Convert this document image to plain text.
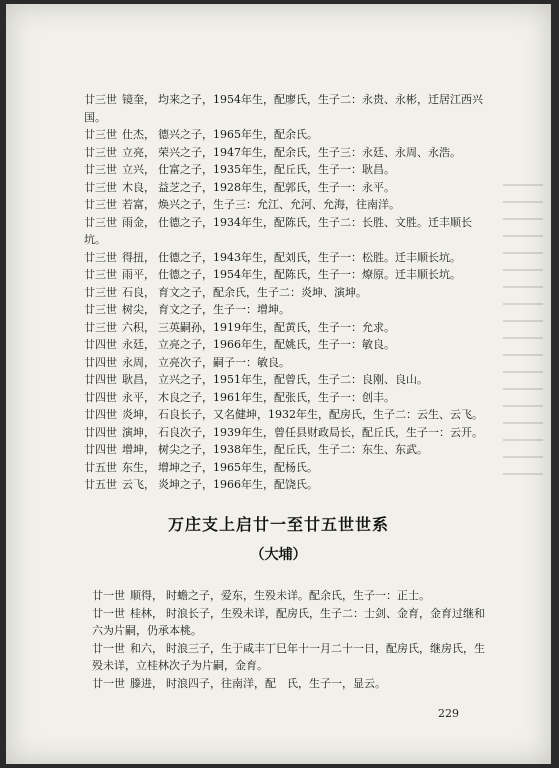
廿三世 镜奎， 均来之子，1954年生，配廖氏，生子二：永贵、永彬，迁居江西兴
国。
廿三世 仕杰， 德兴之子，1965年生，配余氏。
廿三世 立亮， 荣兴之子，1947年生，配余氏，生子三：永廷、永周、永浩。
廿三世 立兴， 仕富之子，1935年生，配丘氏，生子一：耿昌。
廿三世 木良， 益芝之子，1928年生，配郭氏，生子一：永平。
廿三世 若富， 焕兴之子，生子三：允江、允河、允海，往南洋。
廿三世 雨金， 仕德之子，1934年生，配陈氏，生子二：长胜、文胜。迁丰顺长
坑。
廿三世 得扭， 仕德之子，1943年生，配刘氏，生子一：松胜。迁丰顺长坑。
廿三世 雨平， 仕德之子，1954年生，配陈氏，生子一：燎原。迁丰顺长坑。
廿三世 石良， 育文之子，配余氏，生子二：炎坤、演坤。
廿三世 树尖， 育文之子，生子一：增坤。
廿三世 六积， 三英嗣孙，1919年生，配黄氏，生子一：允求。
廿四世 永廷， 立亮之子，1966年生，配姚氏，生子一：敏良。
廿四世 永周， 立亮次子，嗣子一：敏良。
廿四世 耿昌， 立兴之子，1951年生，配曾氏，生子二：良刚、良山。
廿四世 永平， 木良之子，1961年生，配张氏，生子一：创丰。
廿四世 炎坤， 石良长子，又名健坤，1932年生，配房氏，生子二：云生、云飞。
廿四世 演坤， 石良次子，1939年生，曾任县财政局长，配丘氏，生子一：云开。
廿四世 增坤， 树尖之子，1938年生，配丘氏，生子二：东生、东武。
廿五世 东生， 增坤之子，1965年生，配杨氏。
廿五世 云飞， 炎坤之子，1966年生，配饶氏。
万庄支上启廿一至廿五世世系
（大埔）
廿一世 顺得， 时蟾之子，爱东，生殁未详。配余氏，生子一：正士。
廿一世 桂林， 时浪长子，生殁未详，配房氏，生子二：士剑、金育，金育过继和
六为片嗣，仍承本桃。
廿一世 和六， 时浪三子，生于咸丰丁巳年十一月二十一日，配房氏，继房氏，生
殁未详，立桂林次子为片嗣，金育。
廿一世 滕进， 时浪四子，往南洋，配　氏，生子一，显云。
229
